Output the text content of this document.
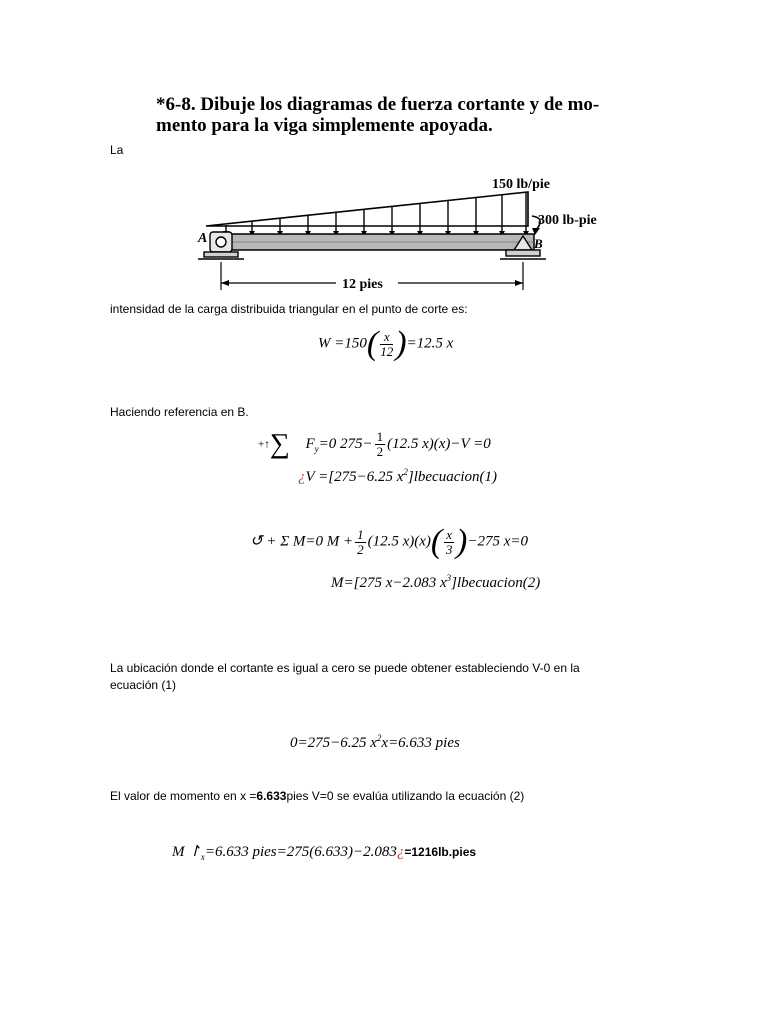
*6-8. Dibuje los diagramas de fuerza cortante y de mo-
mento para la viga simplemente apoyada.
La
150 lb/pie
300 lb-pie
A	B
12 pies
intensidad de la carga distribuida triangular en el punto de corte es:
$W =150( \frac{x}{12} )=12.5$ x
Haciendo referencia en B.
+↑∑ $F_y=0$ $275- \frac{1}{2} (12.5$ x)(x)−V =0
¿V =[275−6.25 $x^2]lbecuacion(1)$
↺ + Σ M=0 $M + \frac{1}{2} (12.5$ $x)(x)( \frac{x}{3} )-275$ x=0
M=[275 x−2.083 $x^3]lbecuacion(2)$
La ubicación donde el cortante es igual a cero se puede obtener estableciendo V-0 en la
ecuación (1)
0=275−6.25 $x^2x=6.633$ pies
El valor de momento en x =6.633pies V=0 se evalúa utilizando la ecuación (2)
M $↾_x=6.633$ pies=275(6.633)−2.083¿=1216lb.pies
